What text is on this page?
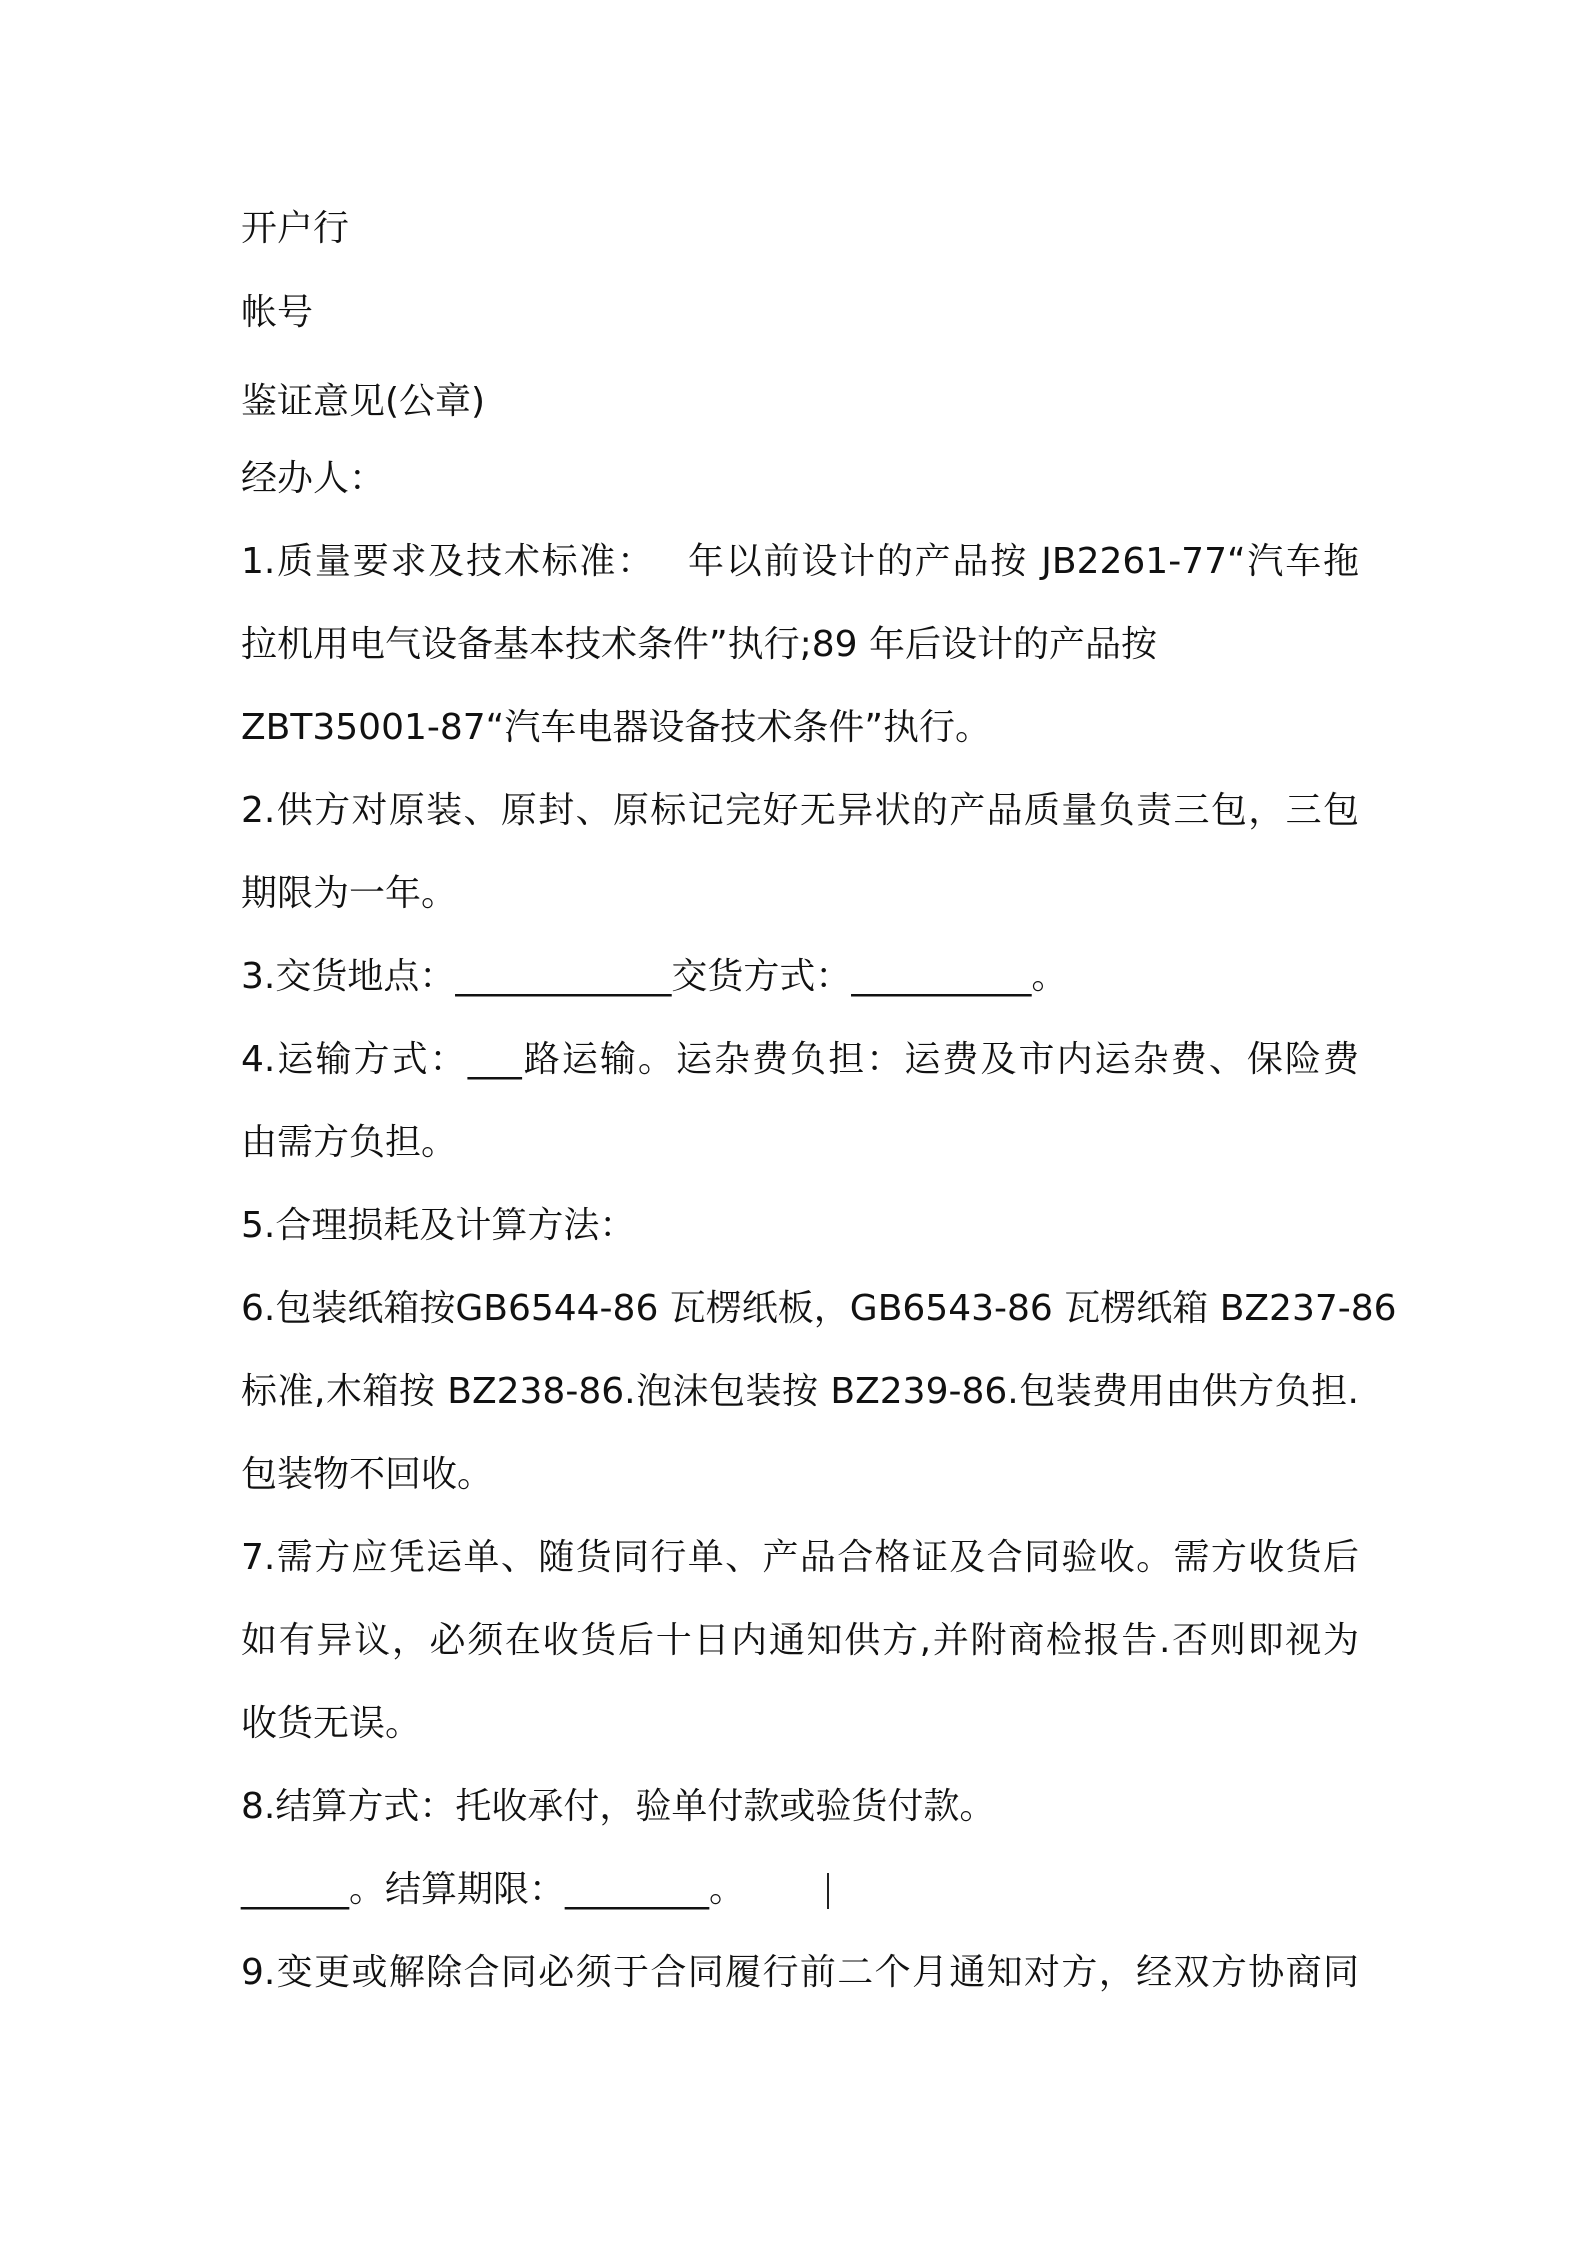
开户行
帐号
鉴证意见(公章)
经办人：
1.质量要求及技术标准：　 年以前设计的产品按 JB2261-77“汽车拖
拉机用电气设备基本技术条件”执行;89 年后设计的产品按
ZBT35001-87“汽车电器设备技术条件”执行。
2.供方对原装、原封、原标记完好无异状的产品质量负责三包，三包
期限为一年。
3.交货地点：____________交货方式：__________。
4.运输方式：___路运输。运杂费负担：运费及市内运杂费、保险费
由需方负担。
5.合理损耗及计算方法：
6.包装纸箱按GB6544-86 瓦楞纸板，GB6543-86 瓦楞纸箱 BZ237-86
标准,木箱按 BZ238-86.泡沫包装按 BZ239-86.包装费用由供方负担.
包装物不回收。
7.需方应凭运单、随货同行单、产品合格证及合同验收。需方收货后
如有异议，必须在收货后十日内通知供方,并附商检报告.否则即视为
收货无误。
8.结算方式：托收承付，验单付款或验货付款。
______。结算期限：________。
9.变更或解除合同必须于合同履行前二个月通知对方，经双方协商同
